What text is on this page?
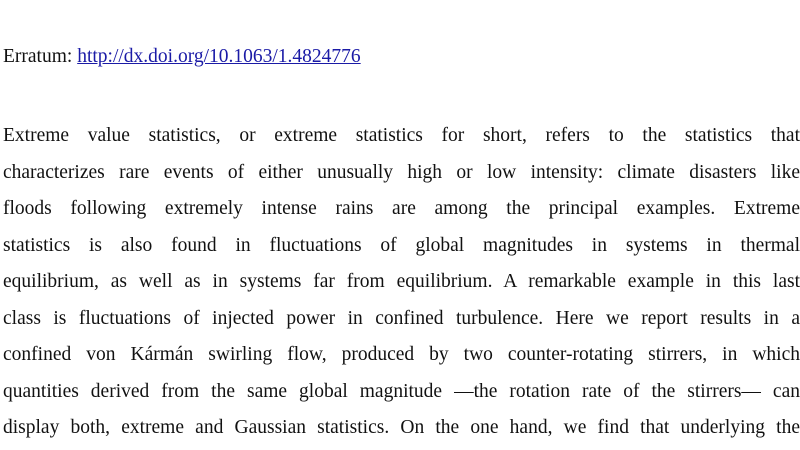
Erratum: http://dx.doi.org/10.1063/1.4824776
Extreme value statistics, or extreme statistics for short, refers to the statistics that
characterizes rare events of either unusually high or low intensity: climate disasters like
floods following extremely intense rains are among the principal examples. Extreme
statistics is also found in fluctuations of global magnitudes in systems in thermal
equilibrium, as well as in systems far from equilibrium. A remarkable example in this last
class is fluctuations of injected power in confined turbulence. Here we report results in a
confined von Kármán swirling flow, produced by two counter-rotating stirrers, in which
quantities derived from the same global magnitude —the rotation rate of the stirrers— can
display both, extreme and Gaussian statistics. On the one hand, we find that underlying the
